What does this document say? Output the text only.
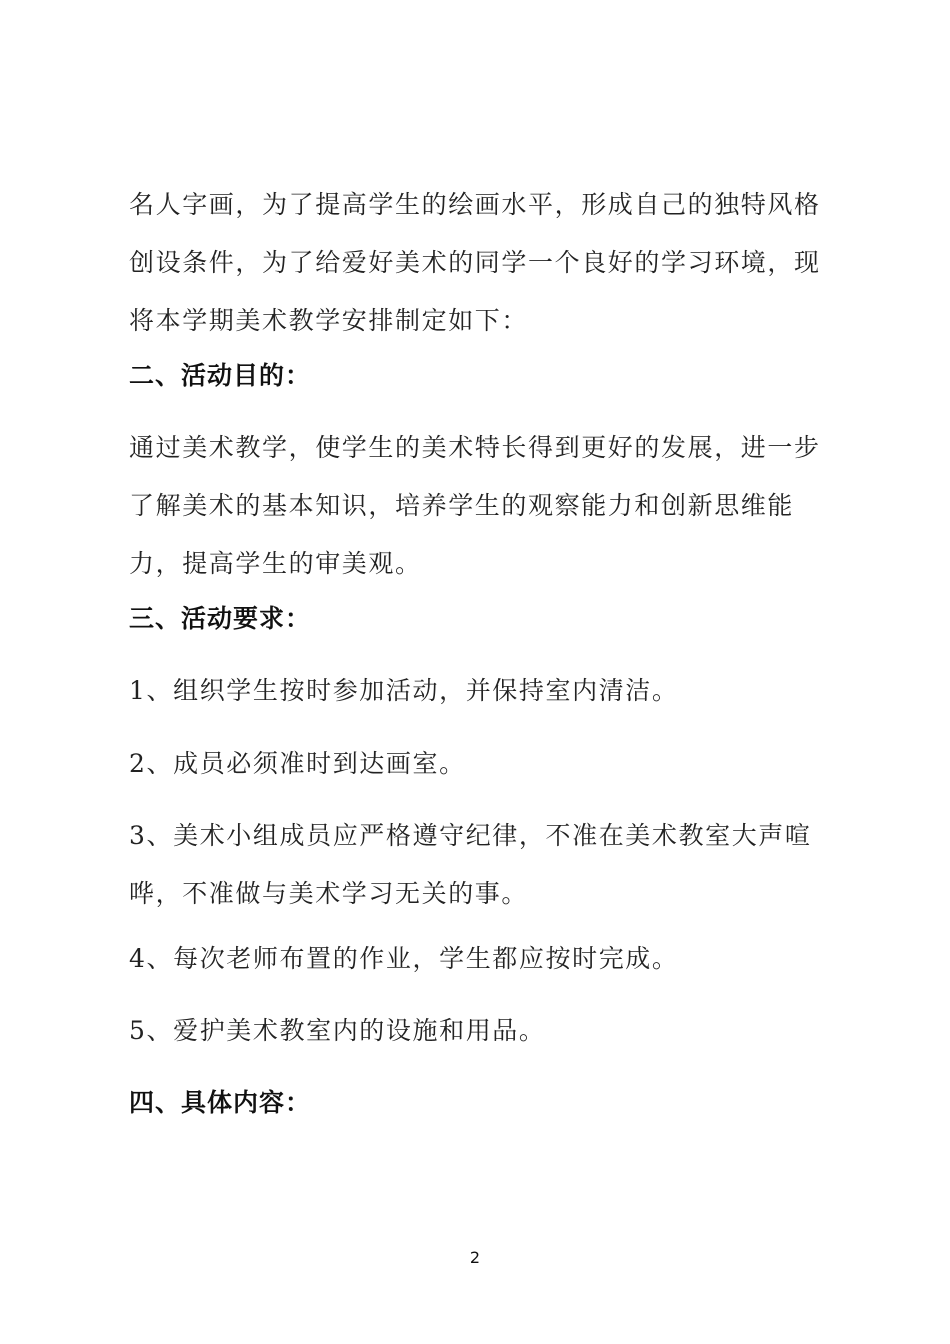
名人字画，为了提高学生的绘画水平，形成自己的独特风格创设条件，为了给爱好美术的同学一个良好的学习环境，现将本学期美术教学安排制定如下：

二、活动目的：

通过美术教学，使学生的美术特长得到更好的发展，进一步了解美术的基本知识，培养学生的观察能力和创新思维能力，提高学生的审美观。

三、活动要求：

1、组织学生按时参加活动，并保持室内清洁。

2、成员必须准时到达画室。

3、美术小组成员应严格遵守纪律，不准在美术教室大声喧哗，不准做与美术学习无关的事。

4、每次老师布置的作业，学生都应按时完成。

5、爱护美术教室内的设施和用品。

四、具体内容：

2
